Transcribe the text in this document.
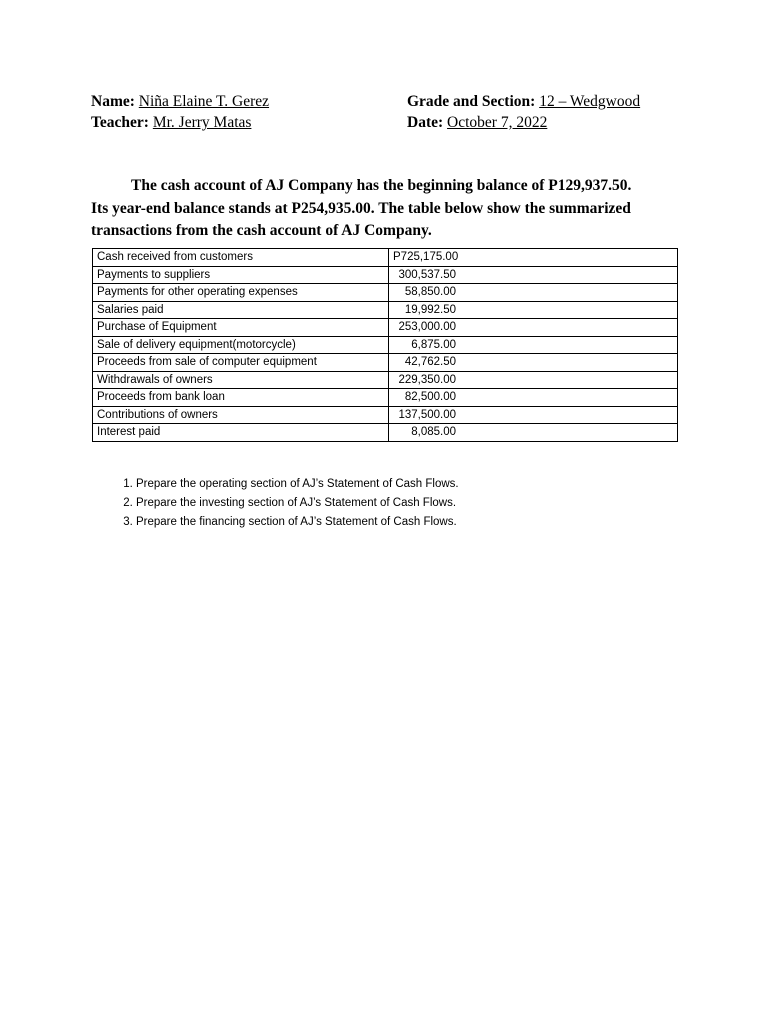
Name: Niña Elaine T. Gerez	Grade and Section: 12 – Wedgwood
Teacher: Mr. Jerry Matas	Date: October 7, 2022
The cash account of AJ Company has the beginning balance of P129,937.50.
Its year-end balance stands at P254,935.00. The table below show the summarized
transactions from the cash account of AJ Company.
Cash received from customers	P725,175.00
Payments to suppliers	300,537.50
Payments for other operating expenses	58,850.00
Salaries paid	19,992.50
Purchase of Equipment	253,000.00
Sale of delivery equipment(motorcycle)	6,875.00
Proceeds from sale of computer equipment	42,762.50
Withdrawals of owners	229,350.00
Proceeds from bank loan	82,500.00
Contributions of owners	137,500.00
Interest paid	8,085.00
1. Prepare the operating section of AJ’s Statement of Cash Flows.
2. Prepare the investing section of AJ’s Statement of Cash Flows.
3. Prepare the financing section of AJ’s Statement of Cash Flows.
